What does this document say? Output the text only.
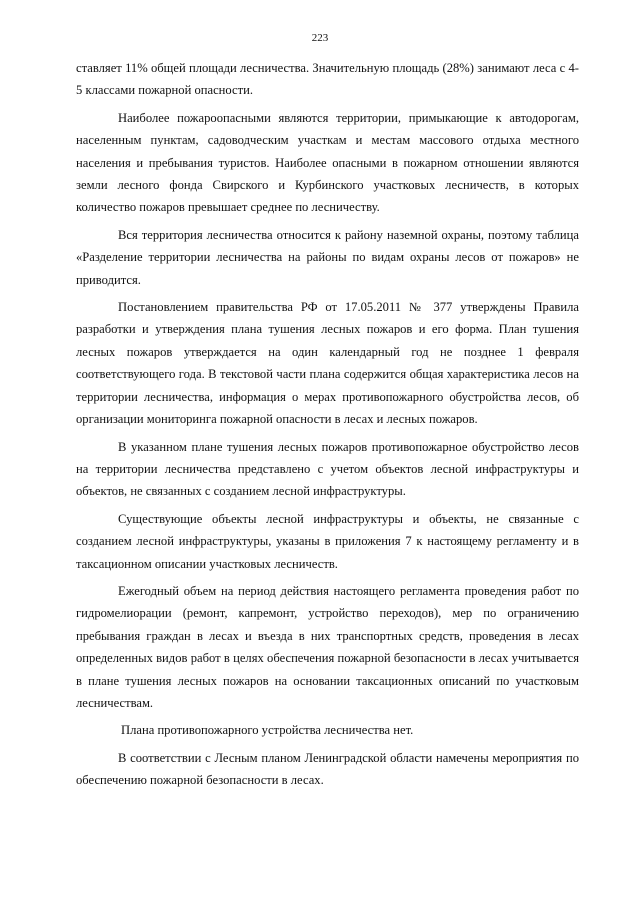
223

ставляет 11% общей площади лесничества. Значительную площадь (28%) занимают леса с 4-5 классами пожарной опасности.

Наиболее пожароопасными являются территории, примыкающие к автодорогам, населенным пунктам, садоводческим участкам и местам массового отдыха местного населения и пребывания туристов. Наиболее опасными в пожарном отношении являются земли лесного фонда Свирского и Курбинского участковых лесничеств, в которых количество пожаров превышает среднее по лесничеству.

Вся территория лесничества относится к району наземной охраны, поэтому таблица «Разделение территории лесничества на районы по видам охраны лесов от пожаров» не приводится.

Постановлением правительства РФ от 17.05.2011 № 377 утверждены Правила разработки и утверждения плана тушения лесных пожаров и его форма. План тушения лесных пожаров утверждается на один календарный год не позднее 1 февраля соответствующего года. В текстовой части плана содержится общая характеристика лесов на территории лесничества, информация о мерах противопожарного обустройства лесов, об организации мониторинга пожарной опасности в лесах и лесных пожаров.

В указанном плане тушения лесных пожаров противопожарное обустройство лесов на территории лесничества представлено с учетом объектов лесной инфраструктуры и объектов, не связанных с созданием лесной инфраструктуры.

Существующие объекты лесной инфраструктуры и объекты, не связанные с созданием лесной инфраструктуры, указаны в приложения 7 к настоящему регламенту и в таксационном описании участковых лесничеств.

Ежегодный объем на период действия настоящего регламента проведения работ по гидромелиорации (ремонт, капремонт, устройство переходов), мер по ограничению пребывания граждан в лесах и въезда в них транспортных средств, проведения в лесах определенных видов работ в целях обеспечения пожарной безопасности в лесах учитывается в плане тушения лесных пожаров на основании таксационных описаний по участковым лесничествам.

Плана противопожарного устройства лесничества нет.

В соответствии с Лесным планом Ленинградской области намечены мероприятия по обеспечению пожарной безопасности в лесах.
